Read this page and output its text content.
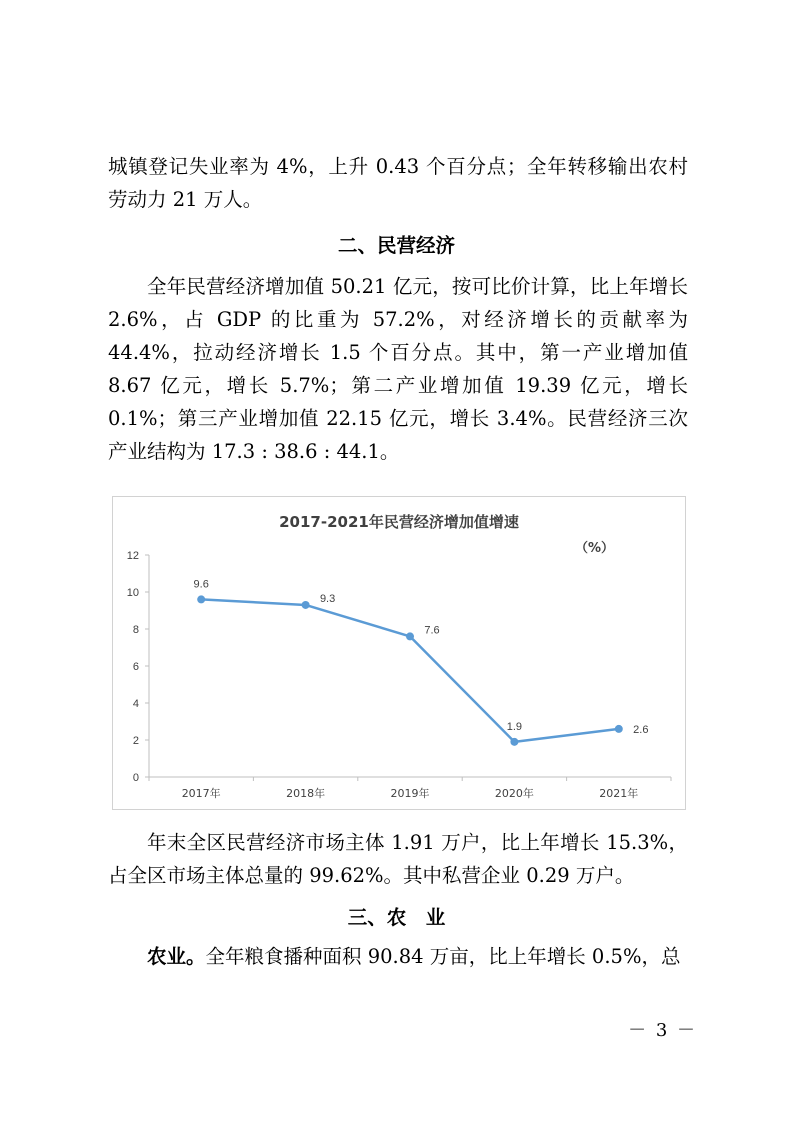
城镇登记失业率为 4%，上升 0.43 个百分点；全年转移输出农村劳动力 21 万人。

二、民营经济

全年民营经济增加值 50.21 亿元，按可比价计算，比上年增长 2.6%，占 GDP 的比重为 57.2%，对经济增长的贡献率为 44.4%，拉动经济增长 1.5 个百分点。其中，第一产业增加值 8.67 亿元，增长 5.7%；第二产业增加值 19.39 亿元，增长 0.1%；第三产业增加值 22.15 亿元，增长 3.4%。民营经济三次产业结构为 17.3 : 38.6 : 44.1。

2017-2021年民营经济增加值增速
（%）
0
2
4
6
8
10
12
2017年	2018年	2019年	2020年	2021年
9.6
9.3
7.6
1.9	2.6

年末全区民营经济市场主体 1.91 万户，比上年增长 15.3%，占全区市场主体总量的 99.62%。其中私营企业 0.29 万户。

三、农　业

农业。全年粮食播种面积 90.84 万亩，比上年增长 0.5%，总

－ 3 －
